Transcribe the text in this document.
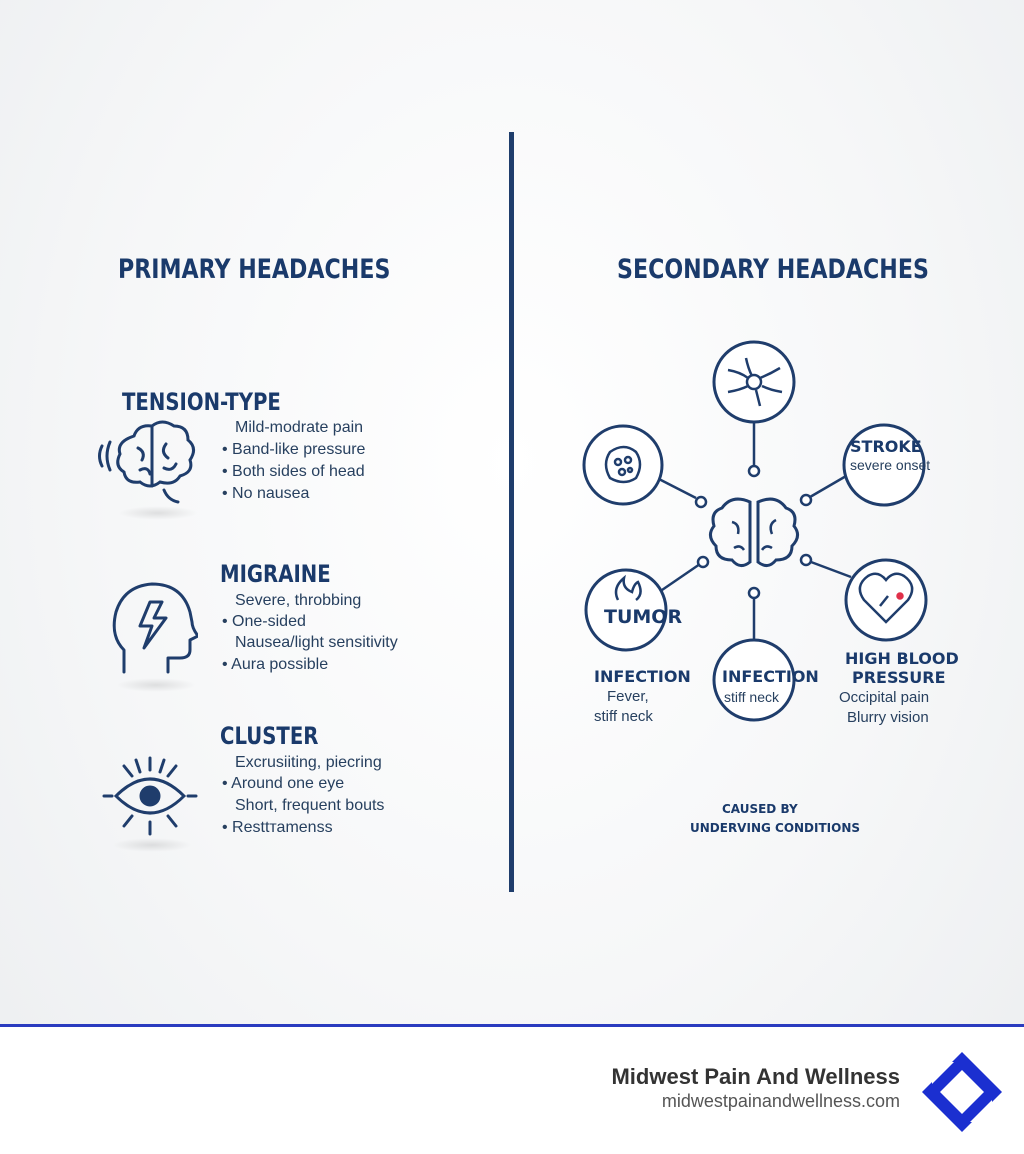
PRIMARY HEADACHES
TENSION-TYPE
Mild-modrate pain
• Band-like pressure
• Both sides of head
• No nausea
MIGRAINE
Severe, throbbing
• One-sided
Nausea/light sensitivity
• Aura possible
CLUSTER
Excrusiiting, piecring
• Around one eye
Short, frequent bouts
• Resttтаmenss
SECONDARY HEADACHES
STROKE
severe onset
TUMOR
INFECTION
stiff neck
INFECTION
Fever,
stiff neck
HIGH BLOOD
PRESSURE
Occipital pain
Blurry vision
CAUSED BY
UNDERVING CONDITIONS
Midwest Pain And Wellness
midwestpainandwellness.com
